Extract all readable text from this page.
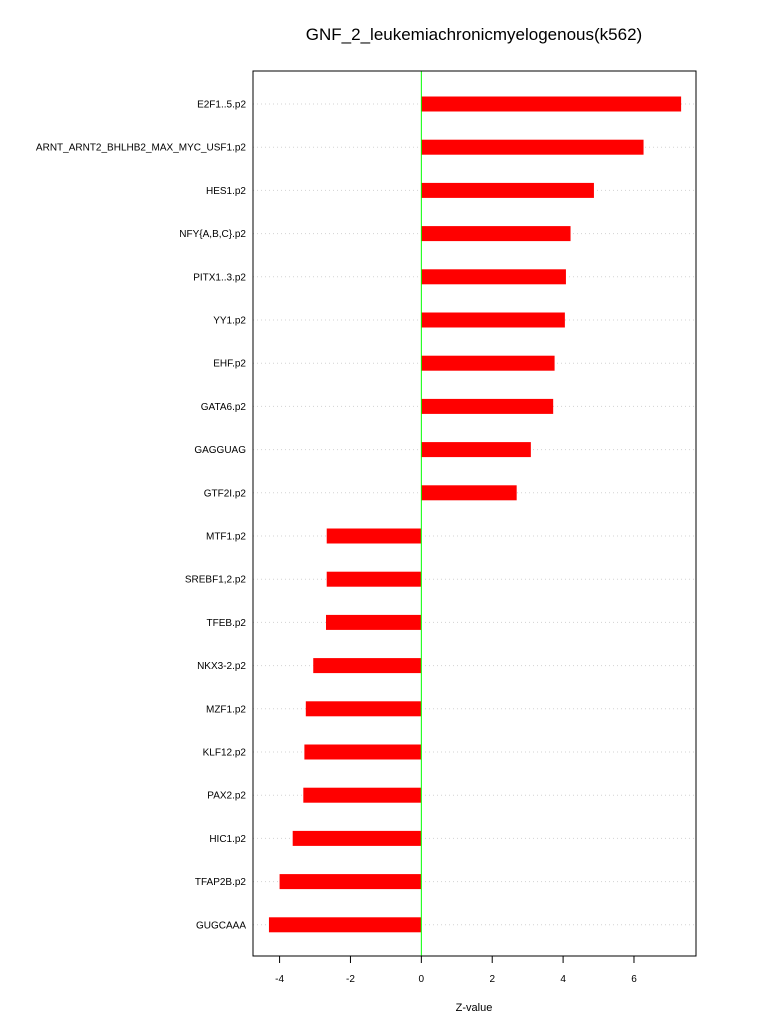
GNF_2_leukemiachronicmyelogenous(k562)
E2F1..5.p2
ARNT_ARNT2_BHLHB2_MAX_MYC_USF1.p2
HES1.p2
NFY{A,B,C}.p2
PITX1..3.p2
YY1.p2
EHF.p2
GATA6.p2
GAGGUAG
GTF2I.p2
MTF1.p2
SREBF1,2.p2
TFEB.p2
NKX3-2.p2
MZF1.p2
KLF12.p2
PAX2.p2
HIC1.p2
TFAP2B.p2
GUGCAAA
-4	-2	0	2	4	6
Z-value
